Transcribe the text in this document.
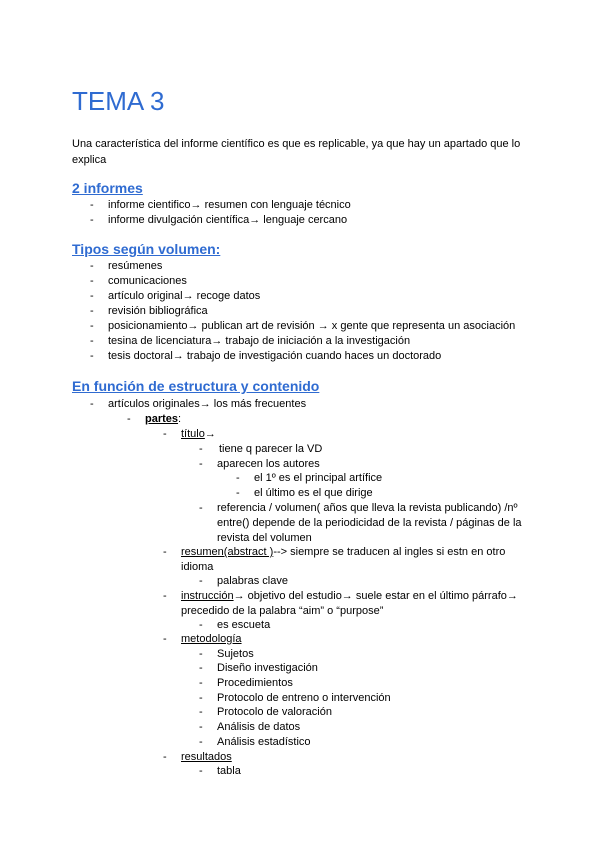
TEMA 3

Una característica del informe científico es que es replicable, ya que hay un apartado que lo explica

2 informes
- informe cientifico→ resumen con lenguaje técnico
- informe divulgación científica→ lenguaje cercano
Tipos según volumen:
- resúmenes
- comunicaciones
- artículo original→ recoge datos
- revisión bibliográfica
- posicionamiento→ publican art de revisión → x gente que representa un asociación
- tesina de licenciatura→ trabajo de iniciación a la investigación
- tesis doctoral→ trabajo de investigación cuando haces un doctorado
En función de estructura y contenido
- artículos originales→ los más frecuentes
- partes:
- título→
- tiene q parecer la VD
- aparecen los autores
- el 1º es el principal artífice
- el último es el que dirige
- referencia / volumen( años que lleva la revista publicando) /nº entre() depende de la periodicidad de la revista / páginas de la revista del volumen
- resumen(abstract )--> siempre se traducen al ingles si estn en otro idioma
- palabras clave
- instrucción→ objetivo del estudio→ suele estar en el último párrafo→ precedido de la palabra “aim” o “purpose”
- es escueta
- metodología
- Sujetos
- Diseño investigación
- Procedimientos
- Protocolo de entreno o intervención
- Protocolo de valoración
- Análisis de datos
- Análisis estadístico
- resultados
- tabla
